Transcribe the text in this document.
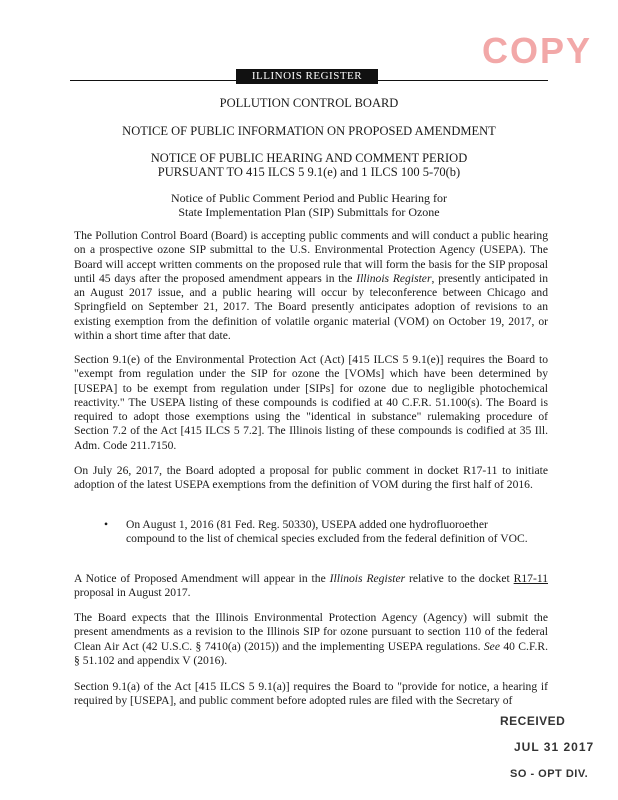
COPY
ILLINOIS REGISTER
POLLUTION CONTROL BOARD
NOTICE OF PUBLIC INFORMATION ON PROPOSED AMENDMENT
NOTICE OF PUBLIC HEARING AND COMMENT PERIOD
PURSUANT TO 415 ILCS 5 9.1(e) and 1 ILCS 100 5-70(b)
Notice of Public Comment Period and Public Hearing for
State Implementation Plan (SIP) Submittals for Ozone
The Pollution Control Board (Board) is accepting public comments and will conduct a public hearing on a prospective ozone SIP submittal to the U.S. Environmental Protection Agency (USEPA). The Board will accept written comments on the proposed rule that will form the basis for the SIP proposal until 45 days after the proposed amendment appears in the Illinois Register, presently anticipated in an August 2017 issue, and a public hearing will occur by teleconference between Chicago and Springfield on September 21, 2017. The Board presently anticipates adoption of revisions to an existing exemption from the definition of volatile organic material (VOM) on October 19, 2017, or within a short time after that date.
Section 9.1(e) of the Environmental Protection Act (Act) [415 ILCS 5 9.1(e)] requires the Board to "exempt from regulation under the SIP for ozone the [VOMs] which have been determined by [USEPA] to be exempt from regulation under [SIPs] for ozone due to negligible photochemical reactivity." The USEPA listing of these compounds is codified at 40 C.F.R. 51.100(s). The Board is required to adopt those exemptions using the "identical in substance" rulemaking procedure of Section 7.2 of the Act [415 ILCS 5 7.2]. The Illinois listing of these compounds is codified at 35 Ill. Adm. Code 211.7150.
On July 26, 2017, the Board adopted a proposal for public comment in docket R17-11 to initiate adoption of the latest USEPA exemptions from the definition of VOM during the first half of 2016.
• On August 1, 2016 (81 Fed. Reg. 50330), USEPA added one hydrofluoroether compound to the list of chemical species excluded from the federal definition of VOC.
A Notice of Proposed Amendment will appear in the Illinois Register relative to the docket R17-11 proposal in August 2017.
The Board expects that the Illinois Environmental Protection Agency (Agency) will submit the present amendments as a revision to the Illinois SIP for ozone pursuant to section 110 of the federal Clean Air Act (42 U.S.C. § 7410(a) (2015)) and the implementing USEPA regulations. See 40 C.F.R. § 51.102 and appendix V (2016).
Section 9.1(a) of the Act [415 ILCS 5 9.1(a)] requires the Board to "provide for notice, a hearing if required by [USEPA], and public comment before adopted rules are filed with the Secretary of
RECEIVED
JUL 31 2017
SO - OPT DIV.
